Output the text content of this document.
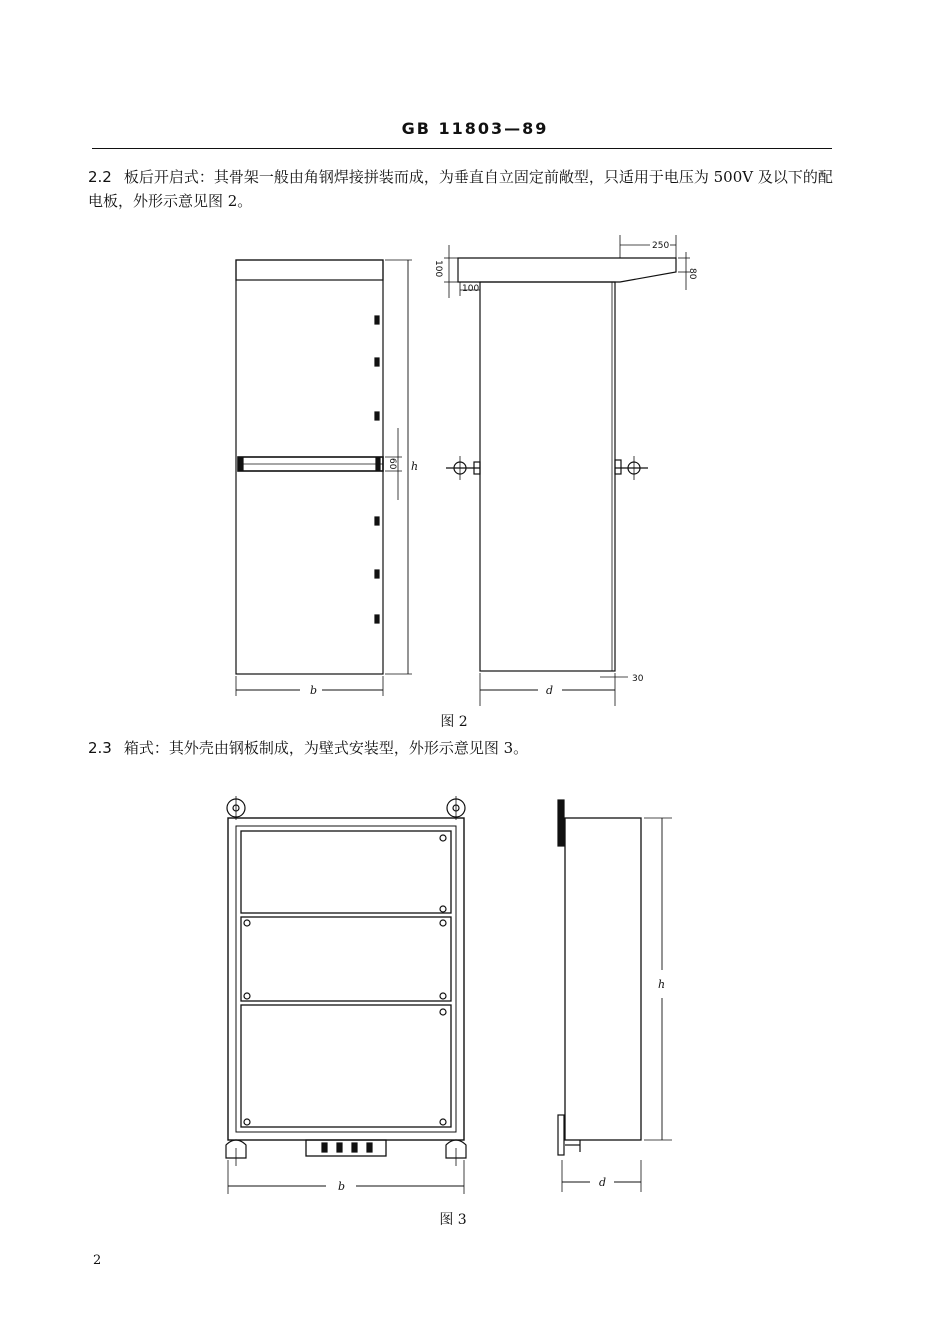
GB 11803—89
2.2 板后开启式：其骨架一般由角钢焊接拼装而成，为垂直自立固定前敞型，只适用于电压为 500V 及以下的配电板，外形示意见图 2。
b	d
h
250
80
100
100
60
30
b	d
h
图 2
2.3 箱式：其外壳由钢板制成，为壁式安装型，外形示意见图 3。
图 3
2
